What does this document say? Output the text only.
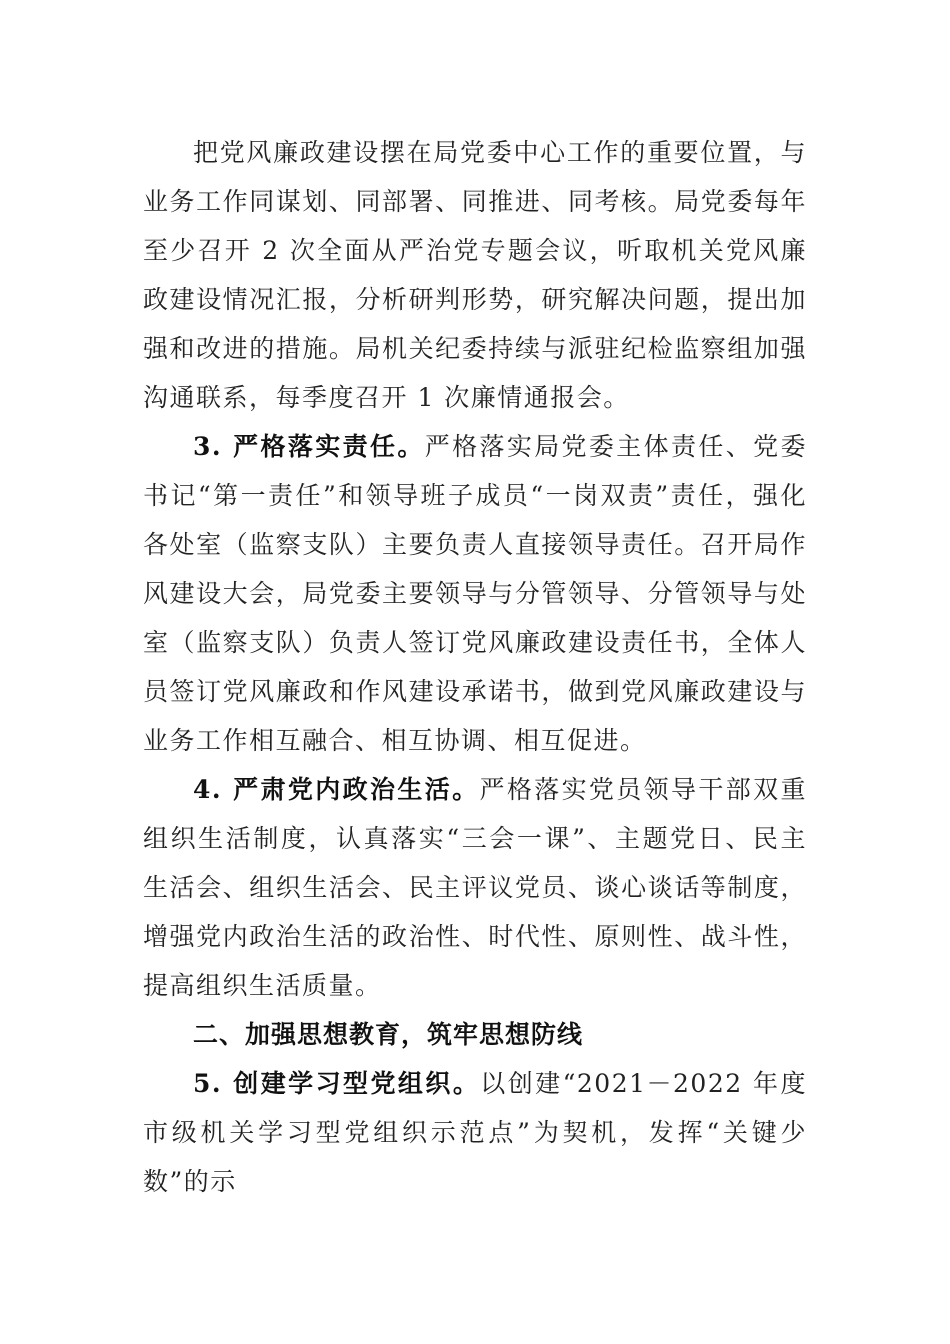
把党风廉政建设摆在局党委中心工作的重要位置，与业务工作同谋划、同部署、同推进、同考核。局党委每年至少召开 2 次全面从严治党专题会议，听取机关党风廉政建设情况汇报，分析研判形势，研究解决问题，提出加强和改进的措施。局机关纪委持续与派驻纪检监察组加强沟通联系，每季度召开 1 次廉情通报会。

3. 严格落实责任。严格落实局党委主体责任、党委书记“第一责任”和领导班子成员“一岗双责”责任，强化各处室（监察支队）主要负责人直接领导责任。召开局作风建设大会，局党委主要领导与分管领导、分管领导与处室（监察支队）负责人签订党风廉政建设责任书，全体人员签订党风廉政和作风建设承诺书，做到党风廉政建设与业务工作相互融合、相互协调、相互促进。

4. 严肃党内政治生活。严格落实党员领导干部双重组织生活制度，认真落实“三会一课”、主题党日、民主生活会、组织生活会、民主评议党员、谈心谈话等制度，增强党内政治生活的政治性、时代性、原则性、战斗性，提高组织生活质量。

二、加强思想教育，筑牢思想防线

5. 创建学习型党组织。以创建“2021－2022 年度市级机关学习型党组织示范点”为契机，发挥“关键少数”的示
